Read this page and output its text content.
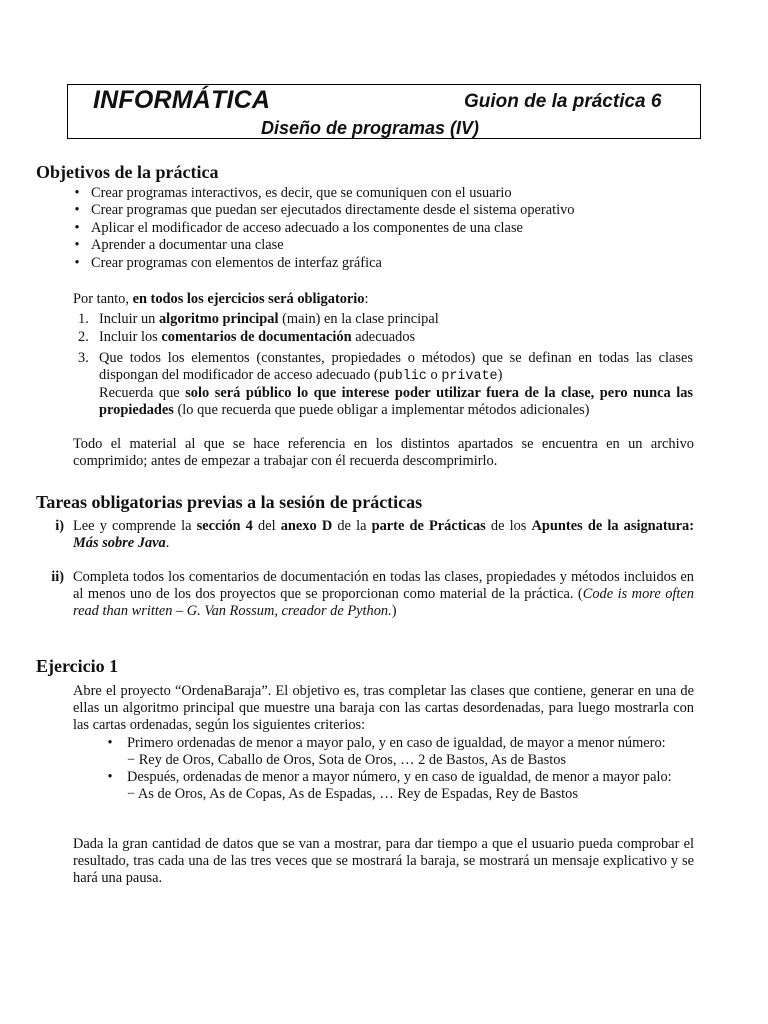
INFORMÁTICA	Guion de la práctica 6
Diseño de programas (IV)
Objetivos de la práctica
• Crear programas interactivos, es decir, que se comuniquen con el usuario
• Crear programas que puedan ser ejecutados directamente desde el sistema operativo
• Aplicar el modificador de acceso adecuado a los componentes de una clase
• Aprender a documentar una clase
• Crear programas con elementos de interfaz gráfica
Por tanto, en todos los ejercicios será obligatorio:
1. Incluir un algoritmo principal (main) en la clase principal
2. Incluir los comentarios de documentación adecuados
3. Que todos los elementos (constantes, propiedades o métodos) que se definan en todas las clases dispongan del modificador de acceso adecuado (public o private)
Recuerda que solo será público lo que interese poder utilizar fuera de la clase, pero nunca las propiedades (lo que recuerda que puede obligar a implementar métodos adicionales)
Todo el material al que se hace referencia en los distintos apartados se encuentra en un archivo comprimido; antes de empezar a trabajar con él recuerda descomprimirlo.
Tareas obligatorias previas a la sesión de prácticas
i) Lee y comprende la sección 4 del anexo D de la parte de Prácticas de los Apuntes de la asignatura: Más sobre Java.
ii) Completa todos los comentarios de documentación en todas las clases, propiedades y métodos incluidos en al menos uno de los dos proyectos que se proporcionan como material de la práctica. (Code is more often read than written – G. Van Rossum, creador de Python.)
Ejercicio 1
Abre el proyecto “OrdenaBaraja”. El objetivo es, tras completar las clases que contiene, generar en una de ellas un algoritmo principal que muestre una baraja con las cartas desordenadas, para luego mostrarla con las cartas ordenadas, según los siguientes criterios:
• Primero ordenadas de menor a mayor palo, y en caso de igualdad, de mayor a menor número:
− Rey de Oros, Caballo de Oros, Sota de Oros, … 2 de Bastos, As de Bastos
• Después, ordenadas de menor a mayor número, y en caso de igualdad, de menor a mayor palo:
− As de Oros, As de Copas, As de Espadas, … Rey de Espadas, Rey de Bastos
Dada la gran cantidad de datos que se van a mostrar, para dar tiempo a que el usuario pueda comprobar el resultado, tras cada una de las tres veces que se mostrará la baraja, se mostrará un mensaje explicativo y se hará una pausa.
